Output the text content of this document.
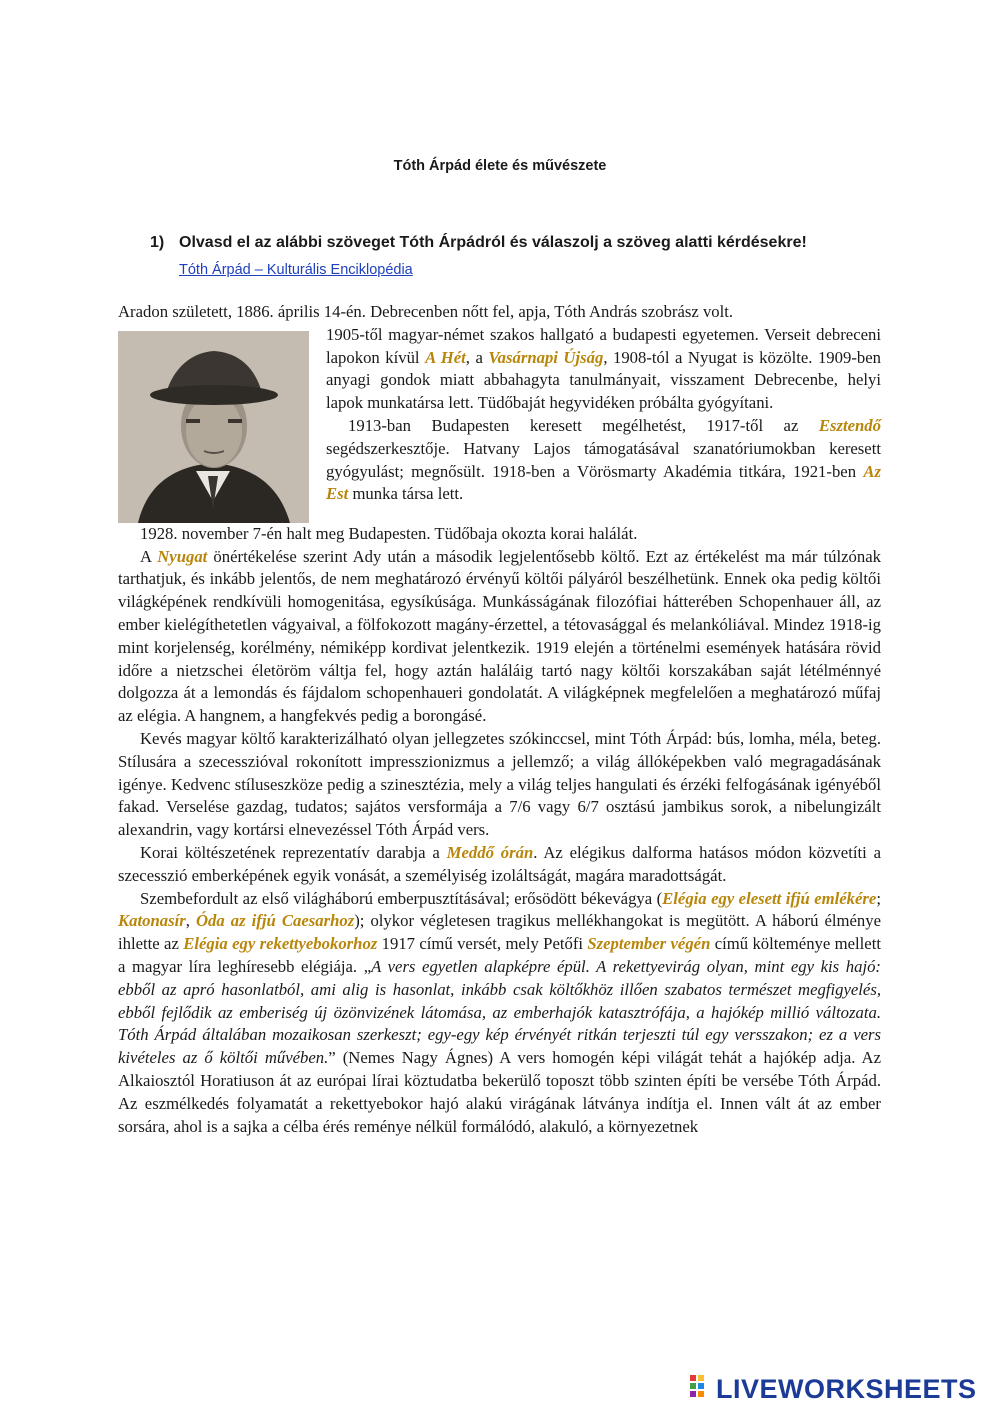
Tóth Árpád élete és művészete
1) Olvasd el az alábbi szöveget Tóth Árpádról és válaszolj a szöveg alatti kérdésekre!
Tóth Árpád – Kulturális Enciklopédia

Aradon született, 1886. április 14-én. Debrecenben nőtt fel, apja, Tóth András szobrász volt.

1905-től magyar-német szakos hallgató a budapesti egyetemen. Verseit debreceni lapokon kívül A Hét, a Vasárnapi Újság, 1908-tól a Nyugat is közölte. 1909-ben anyagi gondok miatt abbahagyta tanulmányait, visszament Debrecenbe, helyi lapok munkatársa lett. Tüdőbaját hegyvidéken próbálta gyógyítani.

1913-ban Budapesten keresett megélhetést, 1917-től az Esztendő segédszerkesztője. Hatvany Lajos támogatásával szanatóriumokban keresett gyógyulást; megnősült. 1918-ben a Vörösmarty Akadémia titkára, 1921-ben Az Est munka társa lett.

1928. november 7-én halt meg Budapesten. Tüdőbaja okozta korai halálát.

A Nyugat önértékelése szerint Ady után a második legjelentősebb költő. Ezt az értékelést ma már túlzónak tarthatjuk, és inkább jelentős, de nem meghatározó érvényű költői pályáról beszélhetünk. Ennek oka pedig költői világképének rendkívüli homogenitása, egysíkúsága. Munkásságának filozófiai hátterében Schopenhauer áll, az ember kielégíthetetlen vágyaival, a fölfokozott magány-érzettel, a tétovasággal és melankóliával. Mindez 1918-ig mint korjelenség, korélmény, némiképp kordivat jelentkezik. 1919 elején a történelmi események hatására rövid időre a nietzschei életöröm váltja fel, hogy aztán haláláig tartó nagy költői korszakában saját létélménnyé dolgozza át a lemondás és fájdalom schopenhaueri gondolatát. A világképnek megfelelően a meghatározó műfaj az elégia. A hangnem, a hangfekvés pedig a borongásé.

Kevés magyar költő karakterizálható olyan jellegzetes szókinccsel, mint Tóth Árpád: bús, lomha, méla, beteg. Stílusára a szecesszióval rokonított impresszionizmus a jellemző; a világ állóképekben való megragadásának igénye. Kedvenc stíluseszköze pedig a szinesztézia, mely a világ teljes hangulati és érzéki felfogásának igényéből fakad. Verselése gazdag, tudatos; sajátos versformája a 7/6 vagy 6/7 osztású jambikus sorok, a nibelungizált alexandrin, vagy kortársi elnevezéssel Tóth Árpád vers.

Korai költészetének reprezentatív darabja a Meddő órán. Az elégikus dalforma hatásos módon közvetíti a szecesszió emberképének egyik vonását, a személyiség izoláltságát, magára maradottságát.

Szembefordult az első világháború emberpusztításával; erősödött békevágya (Elégia egy elesett ifjú emlékére; Katonasír, Óda az ifjú Caesarhoz); olykor végletesen tragikus mellékhangokat is megütött. A háború élménye ihlette az Elégia egy rekettyebokorhoz 1917 című versét, mely Petőfi Szeptember végén című költeménye mellett a magyar líra leghíresebb elégiája. „A vers egyetlen alapképre épül. A rekettyevirág olyan, mint egy kis hajó: ebből az apró hasonlatból, ami alig is hasonlat, inkább csak költőkhöz illően szabatos természet megfigyelés, ebből fejlődik az emberiség új özönvizének látomása, az emberhajók katasztrófája, a hajókép millió változata. Tóth Árpád általában mozaikosan szerkeszt; egy-egy kép érvényét ritkán terjeszti túl egy versszakon; ez a vers kivételes az ő költői művében.” (Nemes Nagy Ágnes) A vers homogén képi világát tehát a hajókép adja. Az Alkaiosztól Horatiuson át az európai lírai köztudatba bekerülő toposzt több szinten építi be versébe Tóth Árpád. Az eszmélkedés folyamatát a rekettyebokor hajó alakú virágának látványa indítja el. Innen vált át az ember sorsára, ahol is a sajka a célba érés reménye nélkül formálódó, alakuló, a környezetnek

LIVEWORKSHEETS
